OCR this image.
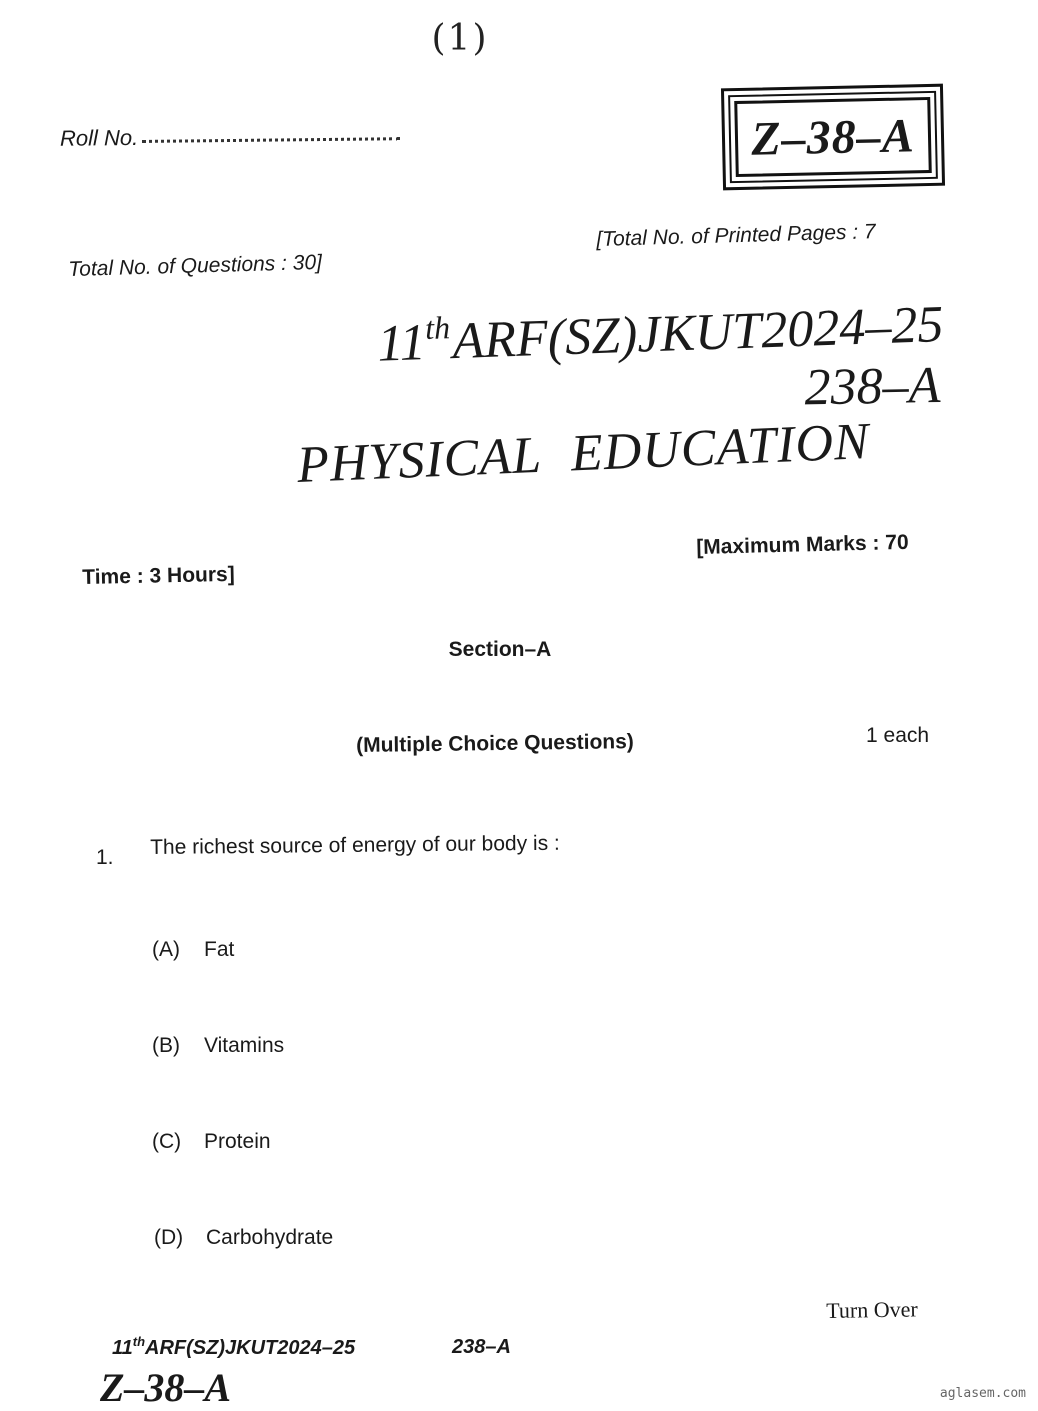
(1)
Roll No.	Z–38–A
[Total No. of Printed Pages : 7
Total No. of Questions : 30]
11thARF(SZ)JKUT2024–25
238–A
PHYSICAL EDUCATION
[Maximum Marks : 70
Time : 3 Hours]
Section–A
(Multiple Choice Questions)	1 each
1. The richest source of energy of our body is :
(A) Fat
(B) Vitamins
(C) Protein
(D) Carbohydrate
Turn Over
11thARF(SZ)JKUT2024–25	238–A
Z–38–A	aglasem.com
